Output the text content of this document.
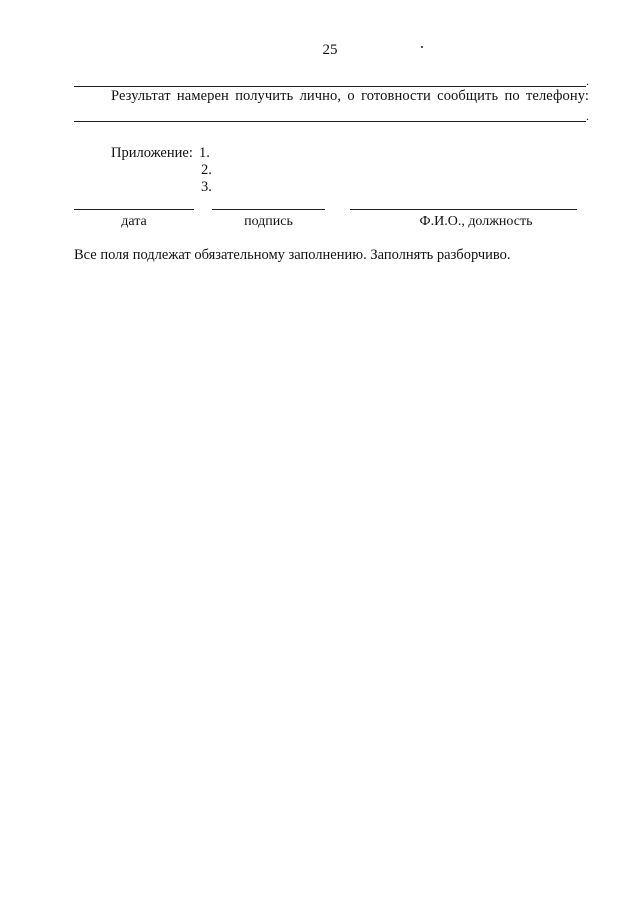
25
.
Результат намерен получить лично, о готовности сообщить по телефону:
.
Приложение: 1.
2.
3.
дата	подпись	Ф.И.О., должность
Все поля подлежат обязательному заполнению. Заполнять разборчиво.
